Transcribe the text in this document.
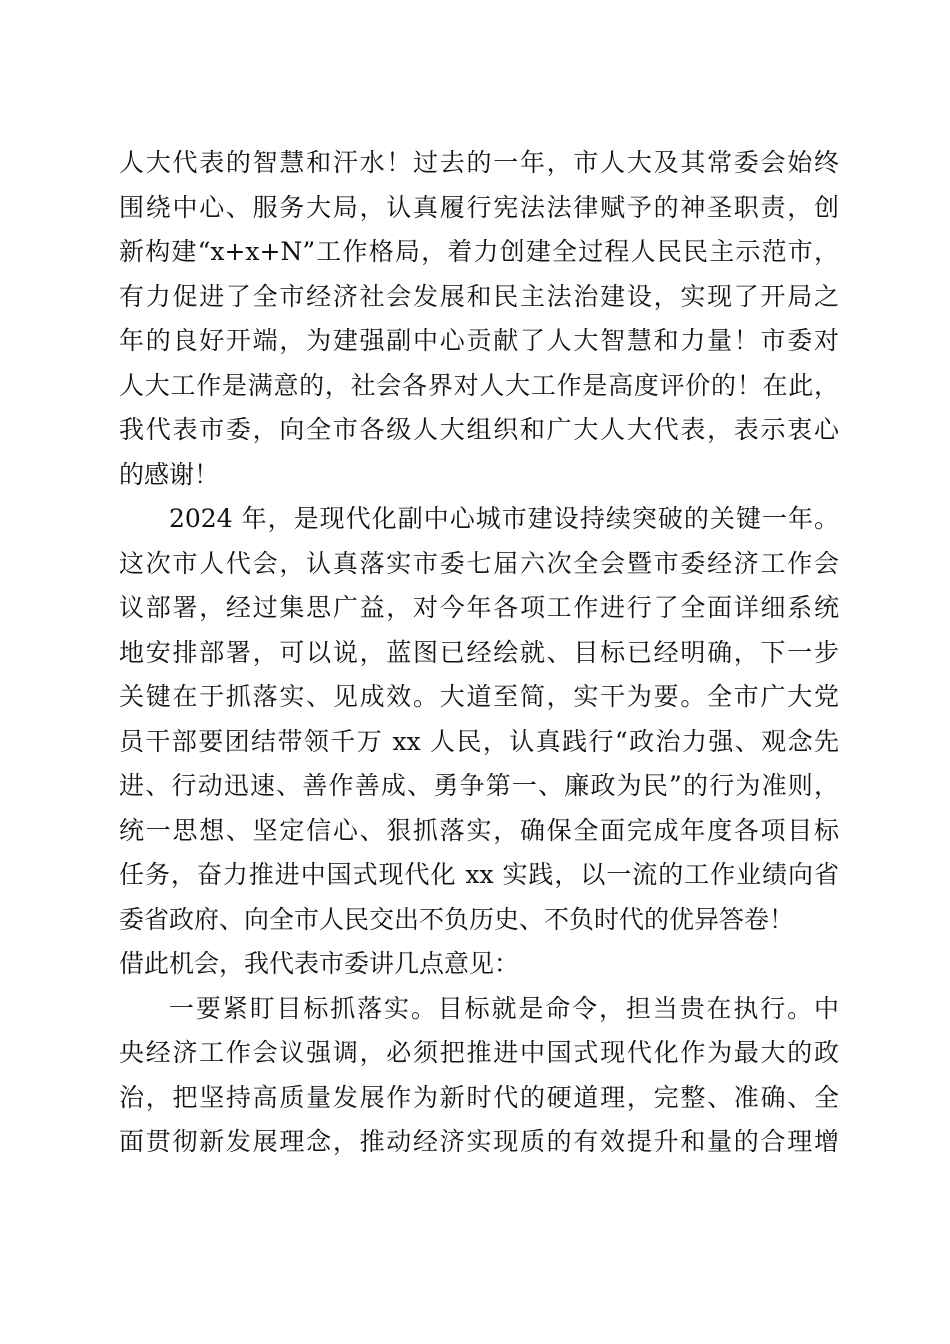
人大代表的智慧和汗水！过去的一年，市人大及其常委会始终
围绕中心、服务大局，认真履行宪法法律赋予的神圣职责，创
新构建“x+x+N”工作格局，着力创建全过程人民民主示范市，
有力促进了全市经济社会发展和民主法治建设，实现了开局之
年的良好开端，为建强副中心贡献了人大智慧和力量！市委对
人大工作是满意的，社会各界对人大工作是高度评价的！在此，
我代表市委，向全市各级人大组织和广大人大代表，表示衷心
的感谢！
2024 年，是现代化副中心城市建设持续突破的关键一年。
这次市人代会，认真落实市委七届六次全会暨市委经济工作会
议部署，经过集思广益，对今年各项工作进行了全面详细系统
地安排部署，可以说，蓝图已经绘就、目标已经明确，下一步
关键在于抓落实、见成效。大道至简，实干为要。全市广大党
员干部要团结带领千万 xx 人民，认真践行“政治力强、观念先
进、行动迅速、善作善成、勇争第一、廉政为民”的行为准则，
统一思想、坚定信心、狠抓落实，确保全面完成年度各项目标
任务，奋力推进中国式现代化 xx 实践，以一流的工作业绩向省
委省政府、向全市人民交出不负历史、不负时代的优异答卷！
借此机会，我代表市委讲几点意见：
一要紧盯目标抓落实。目标就是命令，担当贵在执行。中
央经济工作会议强调，必须把推进中国式现代化作为最大的政
治，把坚持高质量发展作为新时代的硬道理，完整、准确、全
面贯彻新发展理念，推动经济实现质的有效提升和量的合理增
